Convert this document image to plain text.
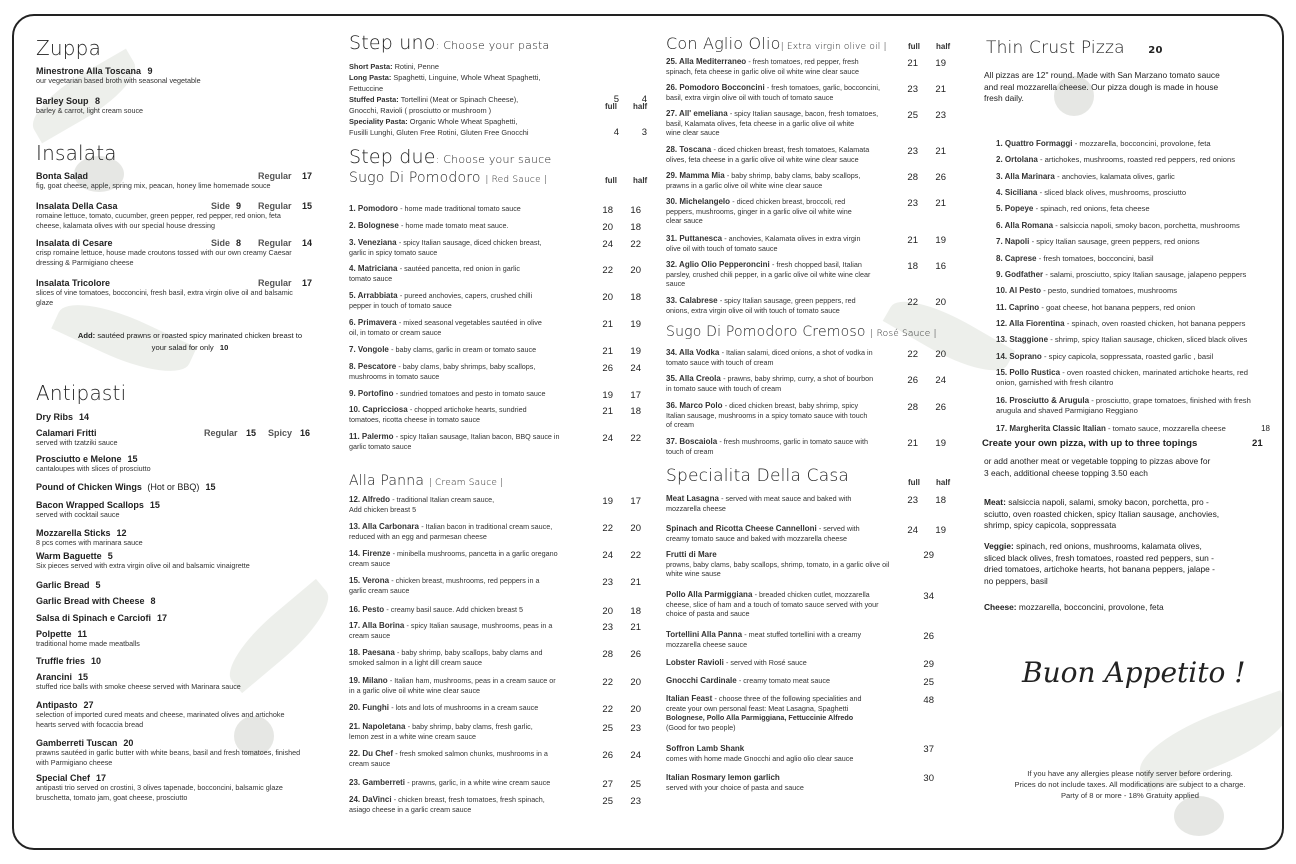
Zuppa
Minestrone Alla Toscana 9
our vegetarian based broth with seasonal vegetable
Barley Soup 8
barley & carrot, light cream souce
Insalata
Bonta Salad	Regular 17
fig, goat cheese, apple, spring mix, peacan, honey lime homemade souce
Insalata Della Casa	Side 9 Regular 15
romaine lettuce, tomato, cucumber, green pepper, red pepper, red onion, feta cheese, kalamata olives with our special house dressing
Insalata di Cesare	Side 8 Regular 14
crisp romaine lettuce, house made croutons tossed with our own creamy Caesar dressing & Parmigiano cheese
Insalata Tricolore	Regular 17
slices of vine tomatoes, bocconcini, fresh basil, extra virgin olive oil and balsamic glaze
Add: sautéed prawns or roasted spicy marinated chicken breast to
your salad for only 10
Antipasti
Dry Ribs 14
Calamari Fritti	Regular 15 Spicy 16
served with tzatziki sauce
Prosciutto e Melone 15
cantaloupes with slices of prosciutto
Pound of Chicken Wings (Hot or BBQ) 15
Bacon Wrapped Scallops 15
served with cocktail sauce
Mozzarella Sticks 12
8 pcs comes with marinara sauce
Warm Baguette 5
Six pieces served with extra virgin olive oil and balsamic vinaigrette
Garlic Bread 5
Garlic Bread with Cheese 8
Salsa di Spinach e Carciofi 17
Polpette 11
traditional home made meatballs
Truffle fries 10
Arancini 15
stuffed rice balls with smoke cheese served with Marinara sauce
Antipasto 27
selection of imported cured meats and cheese, marinated olives and artichoke hearts served with focaccia bread
Gamberreti Tuscan 20
prawns sautéed in garlic butter with white beans, basil and fresh tomatoes, finished with Parmigiano cheese
Special Chef 17
antipasti trio served on crostini, 3 olives tapenade, bocconcini, balsamic glaze bruschetta, tomato jam, goat cheese, prosciutto
Step uno: Choose your pasta
full half
Short Pasta: Rotini, Penne
Long Pasta: Spaghetti, Linguine, Whole Wheat Spaghetti,
Fettuccine
Stuffed Pasta: Tortellini (Meat or Spinach Cheese),	5	4
Gnocchi, Ravioli ( prosciutto or mushroom )
Speciality Pasta: Organic Whole Wheat Spaghetti,
Fusilli Lunghi, Gluten Free Rotini, Gluten Free Gnocchi	4	3
Step due: Choose your sauce
Sugo Di Pomodoro | Red Sauce |	full half
1. Pomodoro - home made traditional tomato sauce	18	16
2. Bolognese - home made tomato meat sauce.	20	18
3. Veneziana - spicy Italian sausage, diced chicken breast,
garlic in spicy tomato sauce
24	22
4. Matriciana - sautéed pancetta, red onion in garlic
tomato sauce
22	20
5. Arrabbiata - pureed anchovies, capers, crushed chilli
pepper in touch of tomato sauce
20	18
6. Primavera - mixed seasonal vegetables sautéed in olive
oil, in tomato or cream sauce
21	19
7. Vongole - baby clams, garlic in cream or tomato sauce	21	19
8. Pescatore - baby clams, baby shrimps, baby scallops,
mushrooms in tomato sauce
26	24
9. Portofino - sundried tomatoes and pesto in tomato sauce	19	17
10. Capricciosa - chopped artichoke hearts, sundried
tomatoes, ricotta cheese in tomato sauce
21	18
11. Palermo - spicy Italian sausage, Italian bacon, BBQ sauce in
garlic tomato sauce
24	22
Alla Panna | Cream Sauce |
12. Alfredo - traditional Italian cream sauce,
Add chicken breast 5
19	17
13. Alla Carbonara - Italian bacon in traditional cream sauce,
reduced with an egg and parmesan cheese
22	20
14. Firenze - minibella mushrooms, pancetta in a garlic oregano
cream sauce
24	22
15. Verona - chicken breast, mushrooms, red peppers in a
garlic cream sauce
23	21
16. Pesto - creamy basil sauce. Add chicken breast 5	20	18
17. Alla Borina - spicy Italian sausage, mushrooms, peas in a
cream sauce
23	21
18. Paesana - baby shrimp, baby scallops, baby clams and
smoked salmon in a light dill cream sauce
28	26
19. Milano - Italian ham, mushrooms, peas in a cream sauce or
in a garlic olive oil white wine clear sauce
22	20
20. Funghi - lots and lots of mushrooms in a cream sauce	22	20
21. Napoletana - baby shrimp, baby clams, fresh garlic,
lemon zest in a white wine cream sauce
25	23
22. Du Chef - fresh smoked salmon chunks, mushrooms in a
cream sauce
26	24
23. Gamberreti - prawns, garlic, in a white wine cream sauce	27	25
24. DaVinci - chicken breast, fresh tomatoes, fresh spinach,
asiago cheese in a garlic cream sauce
25	23
Con Aglio Olio| Extra virgin olive oil |	full half
25. Alla Mediterraneo - fresh tomatoes, red pepper, fresh
spinach, feta cheese in garlic olive oil white wine clear sauce
21	19
26. Pomodoro Bocconcini - fresh tomatoes, garlic, bocconcini,
basil, extra virgin olive oil with touch of tomato sauce
23	21
27. All' emeliana - spicy Italian sausage, bacon, fresh tomatoes,
basil, Kalamata olives, feta cheese in a garlic olive oil white
wine clear sauce
25	23
28. Toscana - diced chicken breast, fresh tomatoes, Kalamata
olives, feta cheese in a garlic olive oil white wine clear sauce
23	21
29. Mamma Mia - baby shrimp, baby clams, baby scallops,
prawns in a garlic olive oil white wine clear sauce
28	26
30. Michelangelo - diced chicken breast, broccoli, red
peppers, mushrooms, ginger in a garlic olive oil white wine
clear sauce
23	21
31. Puttanesca - anchovies, Kalamata olives in extra virgin
olive oil with touch of tomato sauce
21	19
32. Aglio Olio Pepperoncini - fresh chopped basil, Italian
parsley, crushed chili pepper, in a garlic olive oil white wine clear
sauce
18	16
33. Calabrese - spicy Italian sausage, green peppers, red
onions, extra virgin olive oil with touch of tomato sauce
22	20
Sugo Di Pomodoro Cremoso | Rosé Sauce |
34. Alla Vodka - Italian salami, diced onions, a shot of vodka in
tomato sauce with touch of cream
22	20
35. Alla Creola - prawns, baby shrimp, curry, a shot of bourbon
in tomato sauce with touch of cream
26	24
36. Marco Polo - diced chicken breast, baby shrimp, spicy
Italian sausage, mushrooms in a spicy tomato sauce with touch
of cream
28	26
37. Boscaiola - fresh mushrooms, garlic in tomato sauce with
touch of cream
21	19
Specialita Della Casa	full half
Meat Lasagna - served with meat sauce and baked with
mozzarella cheese
23	18
Spinach and Ricotta Cheese Cannelloni - served with
creamy tomato sauce and baked with mozzarella cheese
24	19
Frutti di Mare
prowns, baby clams, baby scallops, shrimp, tomato, in a garlic olive oil
white wine sause
29
Pollo Alla Parmiggiana - breaded chicken cutlet, mozzarella
cheese, slice of ham and a touch of tomato sauce served with your
choice of pasta and sauce
34
Tortellini Alla Panna - meat stuffed tortellini with a creamy
mozzarella cheese sauce
26
Lobster Ravioli - served with Rosé sauce	29
Gnocchi Cardinale - creamy tomato meat sauce	25
Italian Feast - choose three of the following specialities and
create your own personal feast: Meat Lasagna, Spaghetti
Bolognese, Pollo Alla Parmiggiana, Fettuccinie Alfredo
(Good for two people)
48
Soffron Lamb Shank
comes with home made Gnocchi and aglio olio clear sauce
37
Italian Rosmary lemon garlich
served with your choice of pasta and sauce
30
Thin Crust Pizza 20
All pizzas are 12" round. Made with San Marzano tomato sauce
and real mozzarella cheese. Our pizza dough is made in house
fresh daily.
1. Quattro Formaggi - mozzarella, bocconcini, provolone, feta
2. Ortolana - artichokes, mushrooms, roasted red peppers, red onions
3. Alla Marinara - anchovies, kalamata olives, garlic
4. Siciliana - sliced black olives, mushrooms, prosciutto
5. Popeye - spinach, red onions, feta cheese
6. Alla Romana - salsiccia napoli, smoky bacon, porchetta, mushrooms
7. Napoli - spicy Italian sausage, green peppers, red onions
8. Caprese - fresh tomatoes, bocconcini, basil
9. Godfather - salami, prosciutto, spicy Italian sausage, jalapeno peppers
10. Al Pesto - pesto, sundried tomatoes, mushrooms
11. Caprino - goat cheese, hot banana peppers, red onion
12. Alla Fiorentina - spinach, oven roasted chicken, hot banana peppers
13. Staggione - shrimp, spicy Italian sausage, chicken, sliced black olives
14. Soprano - spicy capicola, soppressata, roasted garlic , basil
15. Pollo Rustica - oven roasted chicken, marinated artichoke hearts, red
onion, garnished with fresh cilantro
16. Prosciutto & Arugula - prosciutto, grape tomatoes, finished with fresh
arugula and shaved Parmigiano Reggiano
17. Margherita Classic Italian - tomato sauce, mozzarella cheese	18
Create your own pizza, with up to three topings	21
or add another meat or vegetable topping to pizzas above for
3 each, additional cheese topping 3.50 each
Meat: salsiccia napoli, salami, smoky bacon, porchetta, pro -
sciutto, oven roasted chicken, spicy Italian sausage, anchovies,
shrimp, spicy capicola, soppressata
Veggie: spinach, red onions, mushrooms, kalamata olives,
sliced black olives, fresh tomatoes, roasted red peppers, sun -
dried tomatoes, artichoke hearts, hot banana peppers, jalape -
no peppers, basil
Cheese: mozzarella, bocconcini, provolone, feta
Buon Appetito !
If you have any allergies please notify server before ordering.
Prices do not include taxes. All modifications are subject to a charge.
Party of 8 or more - 18% Gratuity applied
